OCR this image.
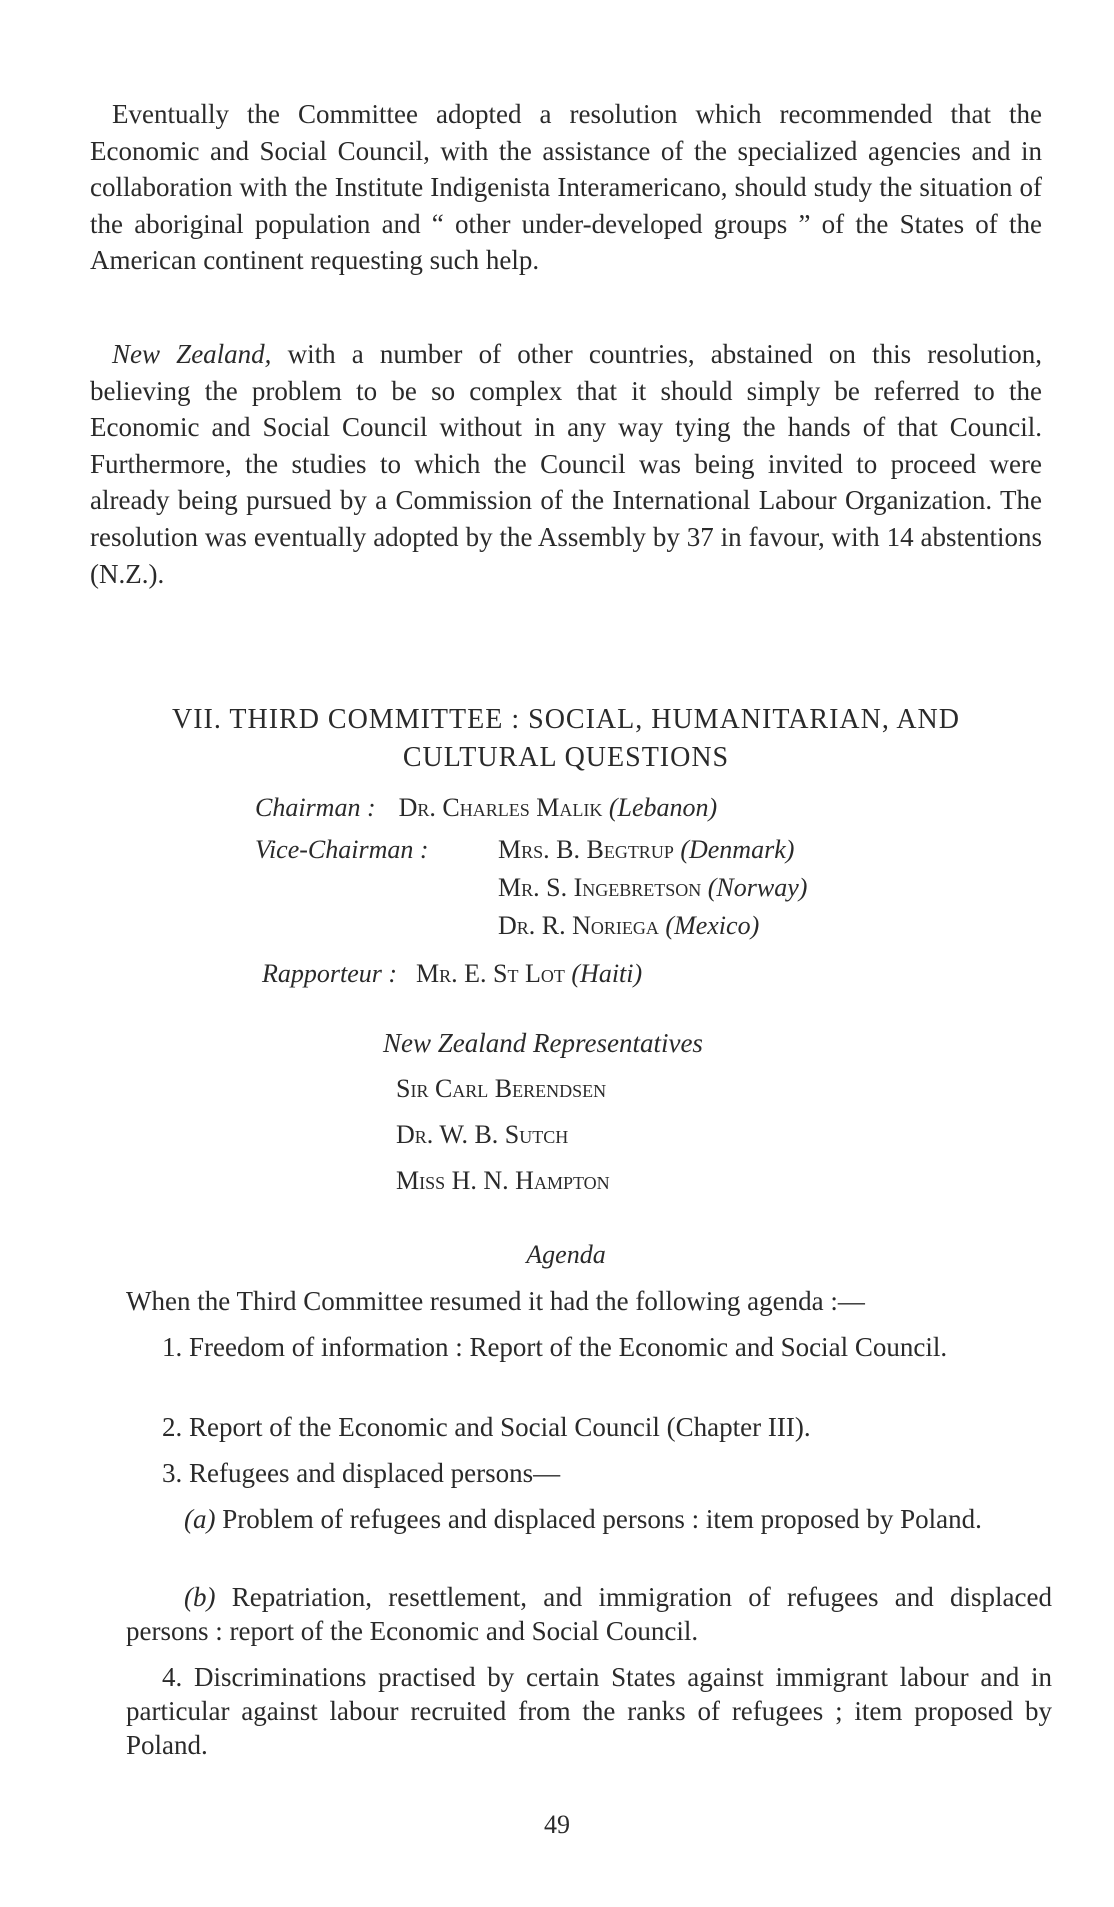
Eventually the Committee adopted a resolution which recommended that the Economic and Social Council, with the assistance of the specialized agencies and in collaboration with the Institute Indigenista Interamericano, should study the situation of the aboriginal population and “ other under-developed groups ” of the States of the American continent requesting such help.

New Zealand, with a number of other countries, abstained on this resolution, believing the problem to be so complex that it should simply be referred to the Economic and Social Council without in any way tying the hands of that Council. Furthermore, the studies to which the Council was being invited to proceed were already being pursued by a Commission of the International Labour Organization. The resolution was eventually adopted by the Assembly by 37 in favour, with 14 abstentions (N.Z.).

VII. THIRD COMMITTEE : SOCIAL, HUMANITARIAN, AND

CULTURAL QUESTIONS

Chairman : Dr. Charles Malik (Lebanon)
Vice-Chairman :	Mrs. B. Begtrup (Denmark)
Mr. S. Ingebretson (Norway)
Dr. R. Noriega (Mexico)
Rapporteur : Mr. E. St Lot (Haiti)
New Zealand Representatives
Sir Carl Berendsen
Dr. W. B. Sutch
Miss H. N. Hampton
Agenda

When the Third Committee resumed it had the following agenda :—

1. Freedom of information : Report of the Economic and Social Council.

2. Report of the Economic and Social Council (Chapter III).

3. Refugees and displaced persons—

(a) Problem of refugees and displaced persons : item proposed by Poland.

(b) Repatriation, resettlement, and immigration of refugees and displaced persons : report of the Economic and Social Council.

4. Discriminations practised by certain States against immigrant labour and in particular against labour recruited from the ranks of refugees ; item proposed by Poland.

49
